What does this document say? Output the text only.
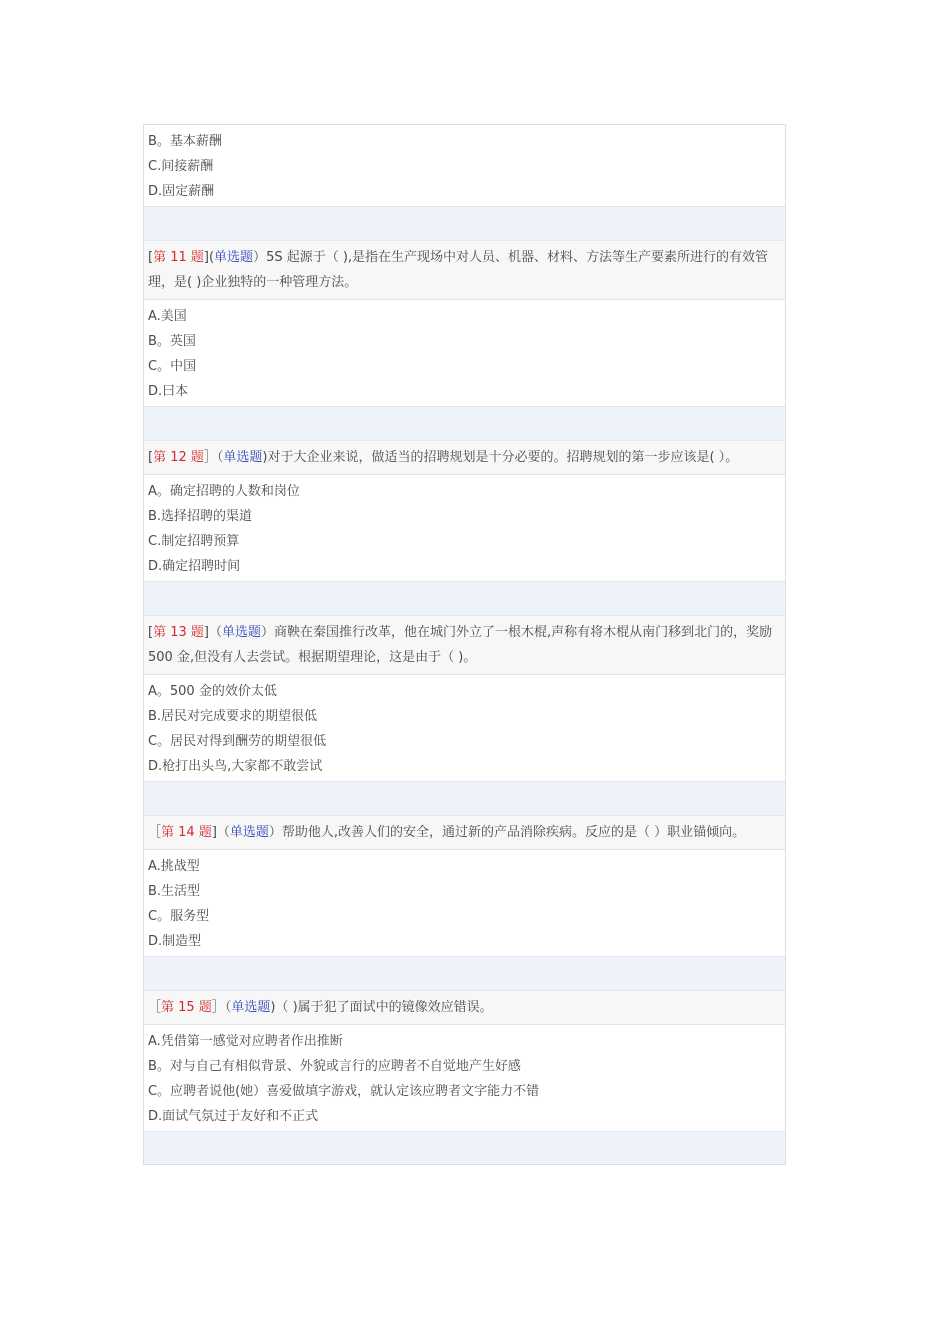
B。基本薪酬
C.间接薪酬
D.固定薪酬
[第 11 题](单选题）5S 起源于（ ),是指在生产现场中对人员、机器、材料、方法等生产要素所进行的有效管理，是( )企业独特的一种管理方法。
A.美国
B。英国
C。中国
D.曰本
[第 12 题］（单选题)对于大企业来说，做适当的招聘规划是十分必要的。招聘规划的第一步应该是( ）。
A。确定招聘的人数和岗位
B.选择招聘的渠道
C.制定招聘预算
D.确定招聘时间
[第 13 题]（单选题）商鞅在秦国推行改革，他在城门外立了一根木棍,声称有将木棍从南门移到北门的，奖励 500 金,但没有人去尝试。根据期望理论，这是由于（ )。
A。500 金的效价太低
B.居民对完成要求的期望很低
C。居民对得到酬劳的期望很低
D.枪打出头鸟,大家都不敢尝试
［第 14 题]（单选题）帮助他人,改善人们的安全，通过新的产品消除疾病。反应的是（ ）职业锚倾向。
A.挑战型
B.生活型
C。服务型
D.制造型
［第 15 题］（单选题)（ )属于犯了面试中的镜像效应错误。
A.凭借第一感觉对应聘者作出推断
B。对与自己有相似背景、外貌或言行的应聘者不自觉地产生好感
C。应聘者说他(她）喜爱做填字游戏，就认定该应聘者文字能力不错
D.面试气氛过于友好和不正式
